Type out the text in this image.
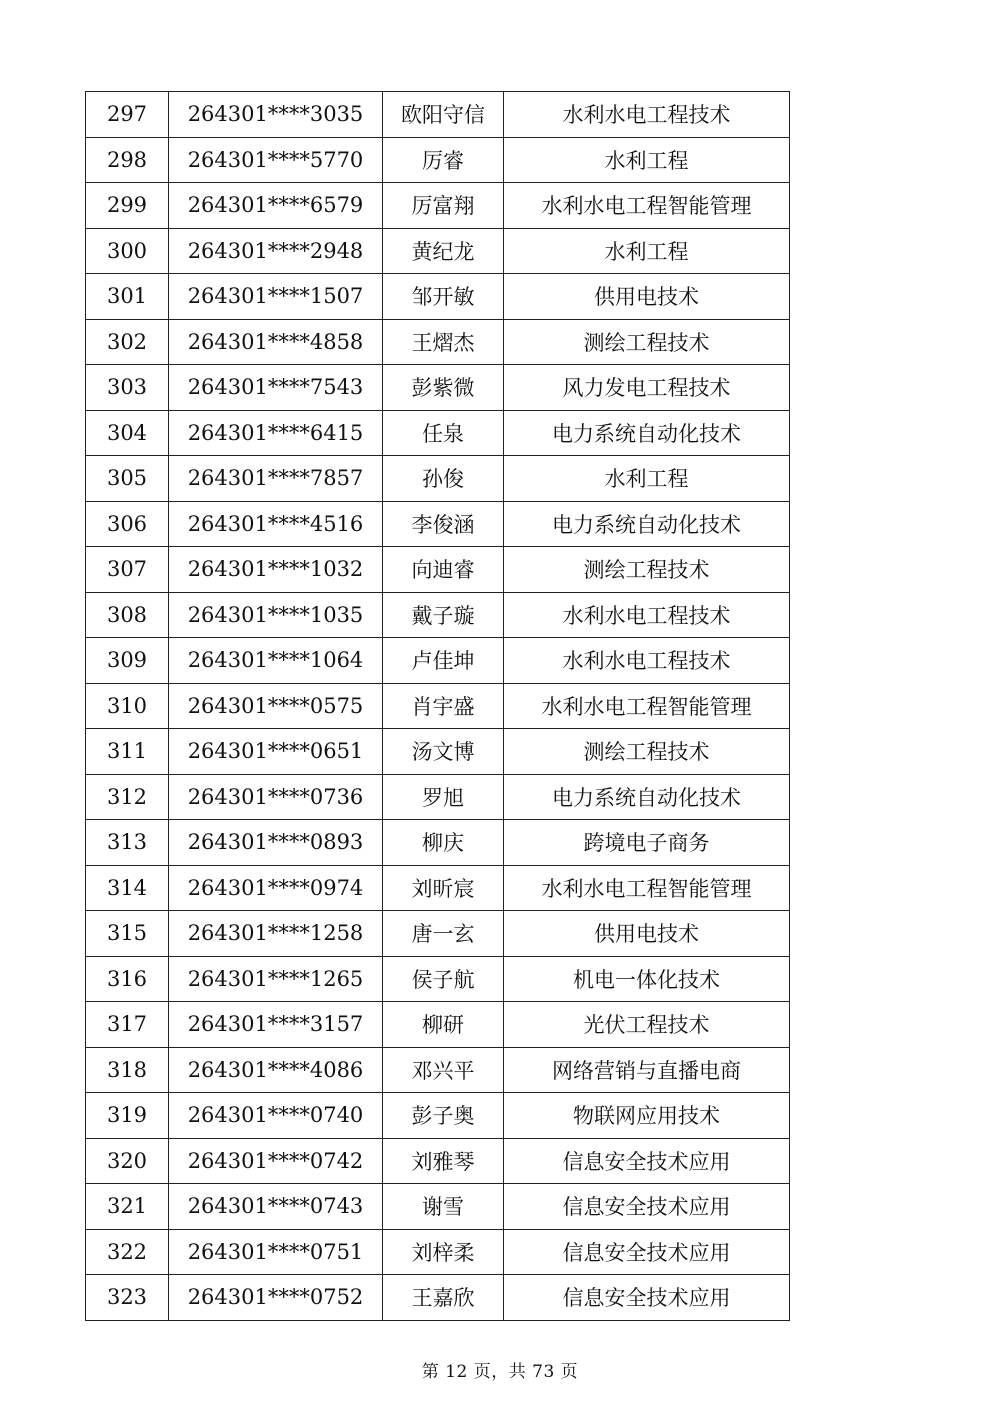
297	264301****3035	欧阳守信	水利水电工程技术
298	264301****5770	厉睿	水利工程
299	264301****6579	厉富翔	水利水电工程智能管理
300	264301****2948	黄纪龙	水利工程
301	264301****1507	邹开敏	供用电技术
302	264301****4858	王熠杰	测绘工程技术
303	264301****7543	彭紫微	风力发电工程技术
304	264301****6415	任泉	电力系统自动化技术
305	264301****7857	孙俊	水利工程
306	264301****4516	李俊涵	电力系统自动化技术
307	264301****1032	向迪睿	测绘工程技术
308	264301****1035	戴子璇	水利水电工程技术
309	264301****1064	卢佳坤	水利水电工程技术
310	264301****0575	肖宇盛	水利水电工程智能管理
311	264301****0651	汤文博	测绘工程技术
312	264301****0736	罗旭	电力系统自动化技术
313	264301****0893	柳庆	跨境电子商务
314	264301****0974	刘昕宸	水利水电工程智能管理
315	264301****1258	唐一玄	供用电技术
316	264301****1265	侯子航	机电一体化技术
317	264301****3157	柳研	光伏工程技术
318	264301****4086	邓兴平	网络营销与直播电商
319	264301****0740	彭子奥	物联网应用技术
320	264301****0742	刘雅琴	信息安全技术应用
321	264301****0743	谢雪	信息安全技术应用
322	264301****0751	刘梓柔	信息安全技术应用
323	264301****0752	王嘉欣	信息安全技术应用
第 12 页，共 73 页
